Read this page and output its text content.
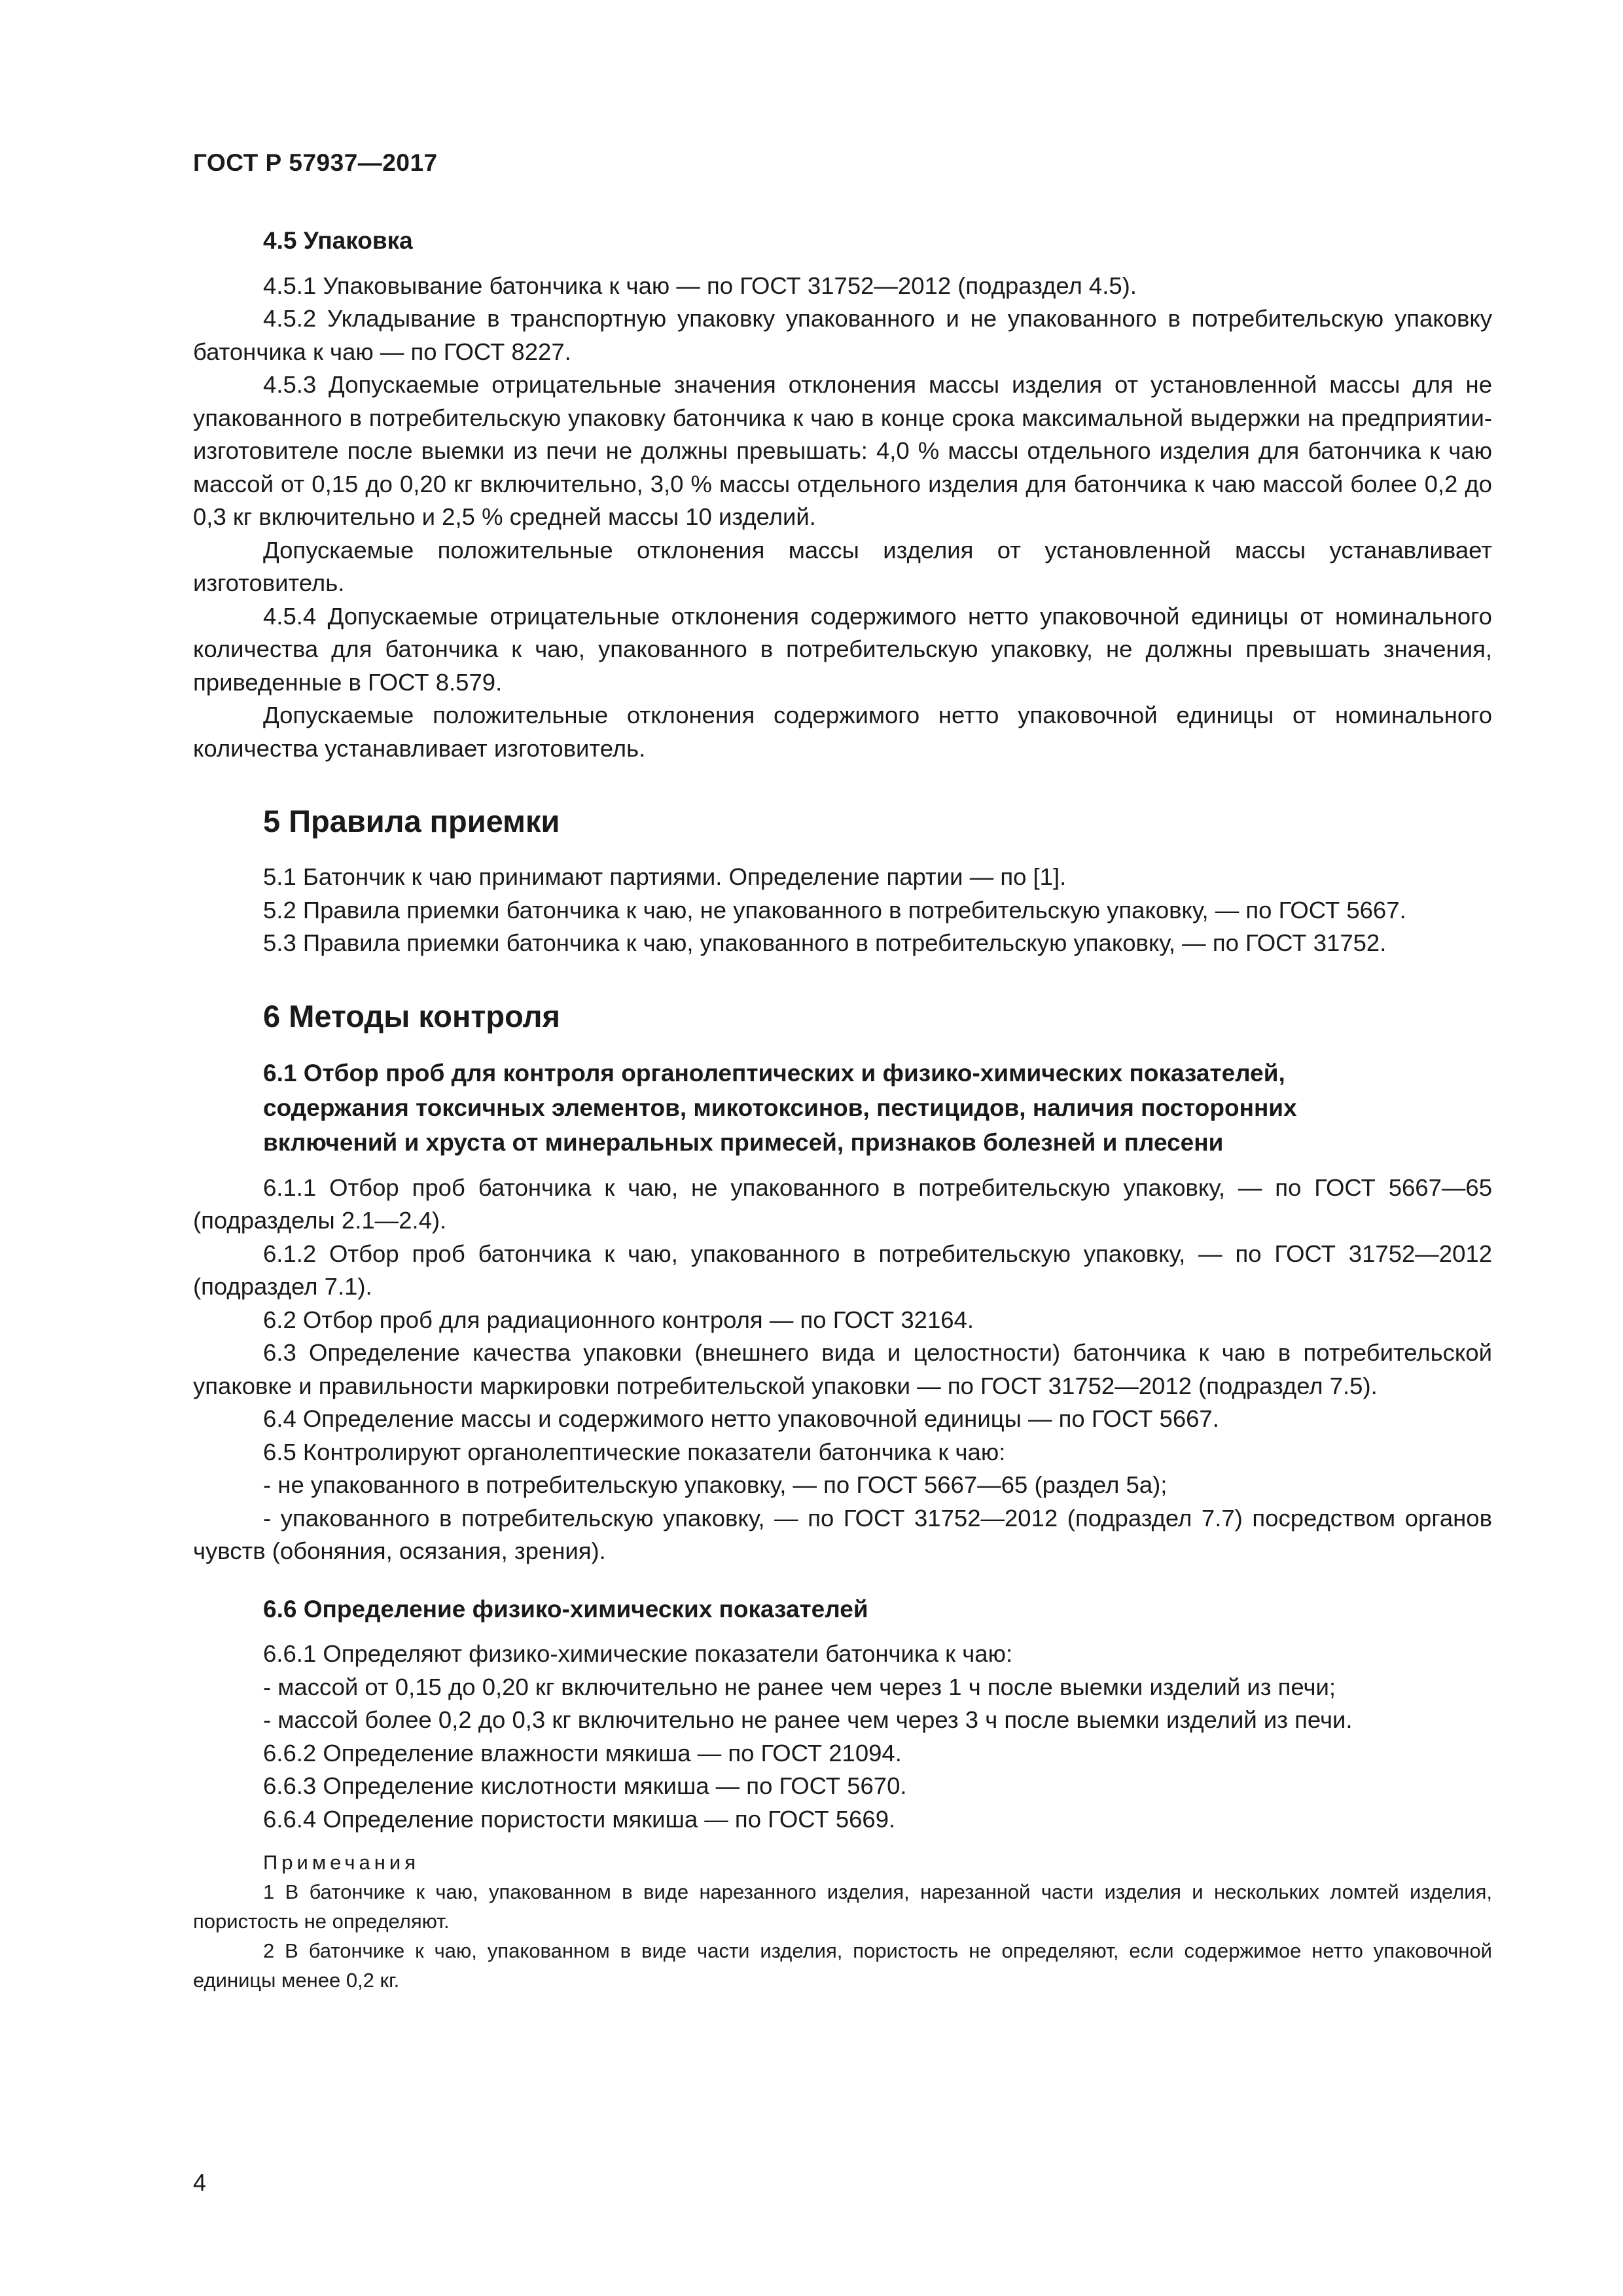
ГОСТ Р 57937—2017

4.5 Упаковка

4.5.1 Упаковывание батончика к чаю — по ГОСТ 31752—2012 (подраздел 4.5).

4.5.2 Укладывание в транспортную упаковку упакованного и не упакованного в потребительскую упаковку батончика к чаю — по ГОСТ 8227.

4.5.3 Допускаемые отрицательные значения отклонения массы изделия от установленной массы для не упакованного в потребительскую упаковку батончика к чаю в конце срока максимальной выдержки на предприятии-изготовителе после выемки из печи не должны превышать: 4,0 % массы отдельного изделия для батончика к чаю массой от 0,15 до 0,20 кг включительно, 3,0 % массы отдельного изделия для батончика к чаю массой более 0,2 до 0,3 кг включительно и 2,5 % средней массы 10 изделий.

Допускаемые положительные отклонения массы изделия от установленной массы устанавливает изготовитель.

4.5.4 Допускаемые отрицательные отклонения содержимого нетто упаковочной единицы от номинального количества для батончика к чаю, упакованного в потребительскую упаковку, не должны превышать значения, приведенные в ГОСТ 8.579.

Допускаемые положительные отклонения содержимого нетто упаковочной единицы от номинального количества устанавливает изготовитель.

5 Правила приемки

5.1 Батончик к чаю принимают партиями. Определение партии — по [1].

5.2 Правила приемки батончика к чаю, не упакованного в потребительскую упаковку, — по ГОСТ 5667.

5.3 Правила приемки батончика к чаю, упакованного в потребительскую упаковку, — по ГОСТ 31752.

6 Методы контроля

6.1 Отбор проб для контроля органолептических и физико-химических показателей,
содержания токсичных элементов, микотоксинов, пестицидов, наличия посторонних
включений и хруста от минеральных примесей, признаков болезней и плесени

6.1.1 Отбор проб батончика к чаю, не упакованного в потребительскую упаковку, — по ГОСТ 5667—65 (подразделы 2.1—2.4).

6.1.2 Отбор проб батончика к чаю, упакованного в потребительскую упаковку, — по ГОСТ 31752—2012 (подраздел 7.1).

6.2 Отбор проб для радиационного контроля — по ГОСТ 32164.

6.3 Определение качества упаковки (внешнего вида и целостности) батончика к чаю в потребительской упаковке и правильности маркировки потребительской упаковки — по ГОСТ 31752—2012 (подраздел 7.5).

6.4 Определение массы и содержимого нетто упаковочной единицы — по ГОСТ 5667.

6.5 Контролируют органолептические показатели батончика к чаю:

- не упакованного в потребительскую упаковку, — по ГОСТ 5667—65 (раздел 5а);

- упакованного в потребительскую упаковку, — по ГОСТ 31752—2012 (подраздел 7.7) посредством органов чувств (обоняния, осязания, зрения).

6.6 Определение физико-химических показателей

6.6.1 Определяют физико-химические показатели батончика к чаю:

- массой от 0,15 до 0,20 кг включительно не ранее чем через 1 ч после выемки изделий из печи;

- массой более 0,2 до 0,3 кг включительно не ранее чем через 3 ч после выемки изделий из печи.

6.6.2 Определение влажности мякиша — по ГОСТ 21094.

6.6.3 Определение кислотности мякиша — по ГОСТ 5670.

6.6.4 Определение пористости мякиша — по ГОСТ 5669.

Примечания

1 В батончике к чаю, упакованном в виде нарезанного изделия, нарезанной части изделия и нескольких ломтей изделия, пористость не определяют.

2 В батончике к чаю, упакованном в виде части изделия, пористость не определяют, если содержимое нетто упаковочной единицы менее 0,2 кг.

4
